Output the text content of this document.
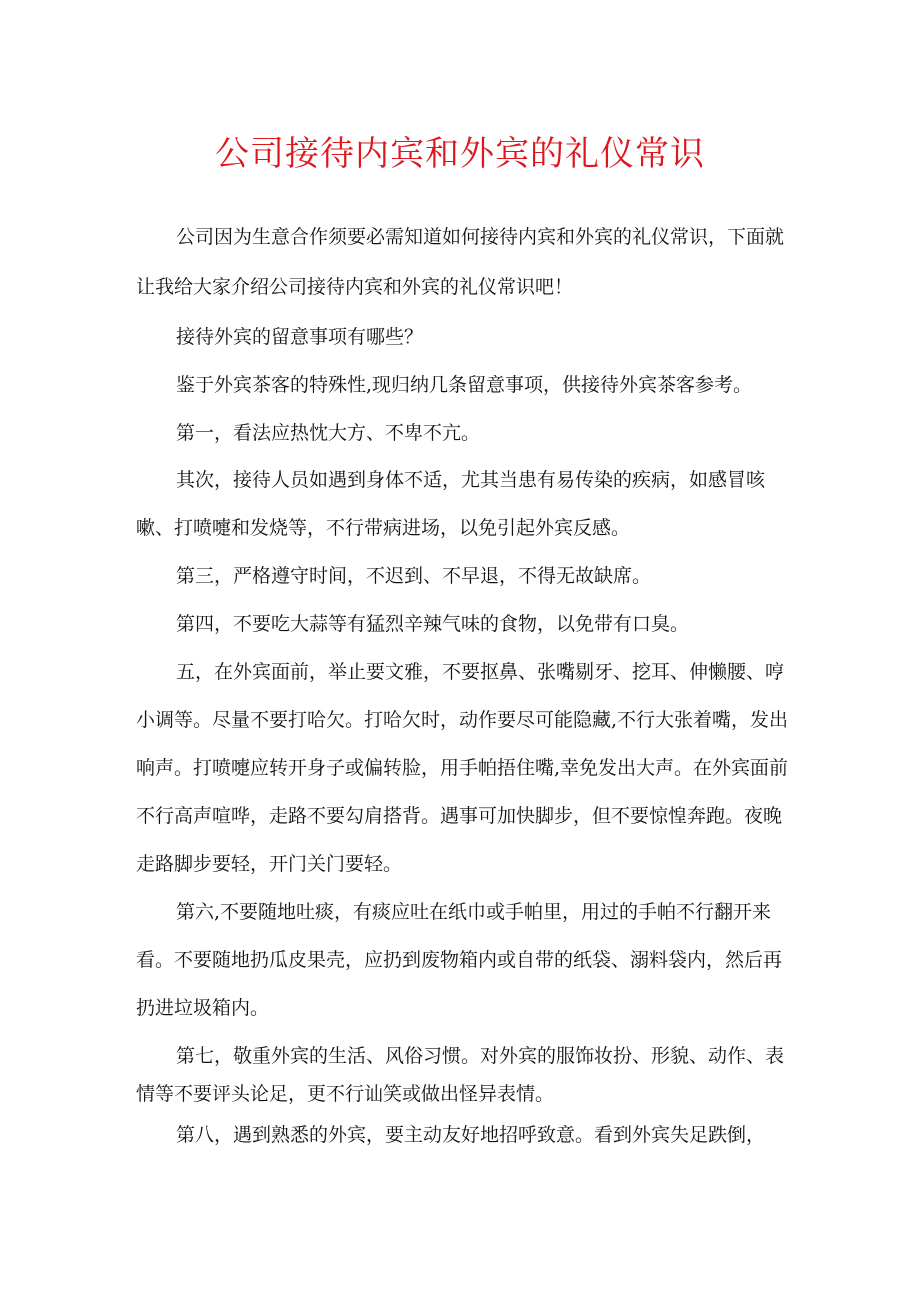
公司接待内宾和外宾的礼仪常识

公司因为生意合作须要必需知道如何接待内宾和外宾的礼仪常识，下面就让我给大家介绍公司接待内宾和外宾的礼仪常识吧！

接待外宾的留意事项有哪些？

鉴于外宾茶客的特殊性,现归纳几条留意事项，供接待外宾茶客参考。

第一，看法应热忱大方、不卑不亢。

其次，接待人员如遇到身体不适，尤其当患有易传染的疾病，如感冒咳嗽、打喷嚏和发烧等，不行带病进场，以免引起外宾反感。

第三，严格遵守时间，不迟到、不早退，不得无故缺席。

第四，不要吃大蒜等有猛烈辛辣气味的食物，以免带有口臭。

五，在外宾面前，举止要文雅，不要抠鼻、张嘴剔牙、挖耳、伸懒腰、哼小调等。尽量不要打哈欠。打哈欠时，动作要尽可能隐藏,不行大张着嘴，发出响声。打喷嚏应转开身子或偏转脸，用手帕捂住嘴,幸免发出大声。在外宾面前不行高声喧哗，走路不要勾肩搭背。遇事可加快脚步，但不要惊惶奔跑。夜晚走路脚步要轻，开门关门要轻。

第六,不要随地吐痰，有痰应吐在纸巾或手帕里，用过的手帕不行翻开来看。不要随地扔瓜皮果壳，应扔到废物箱内或自带的纸袋、溺料袋内，然后再扔进垃圾箱内。

第七，敬重外宾的生活、风俗习惯。对外宾的服饰妆扮、形貌、动作、表情等不要评头论足，更不行讪笑或做出怪异表情。

第八，遇到熟悉的外宾，要主动友好地招呼致意。看到外宾失足跌倒，
